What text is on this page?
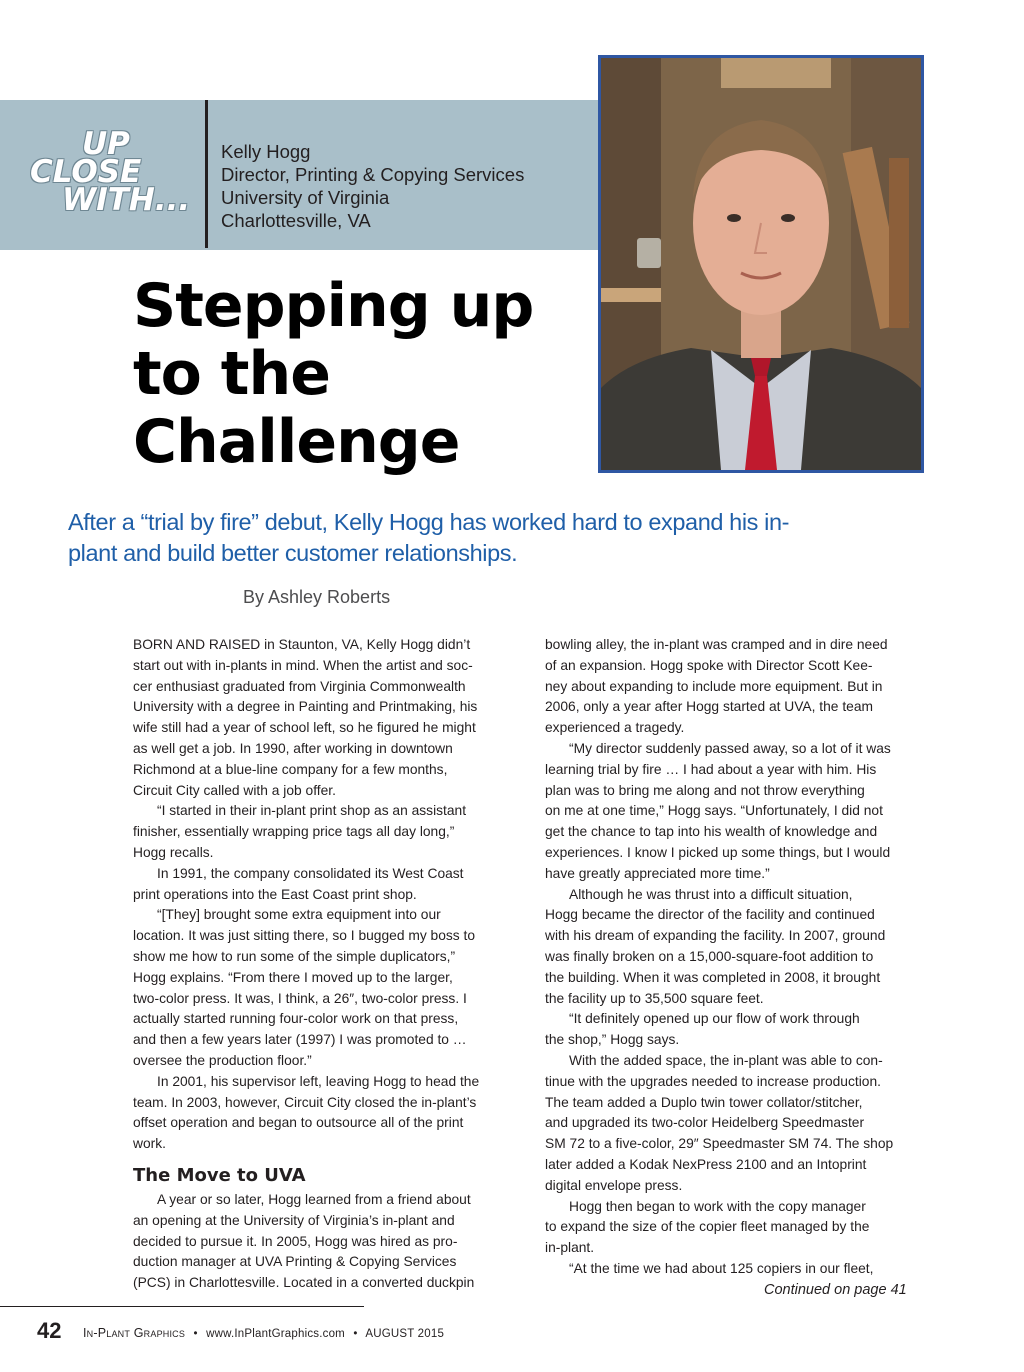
UP
CLOSE
WITH...
Kelly Hogg
Director, Printing & Copying Services
University of Virginia
Charlottesville, VA
Stepping up
to the
Challenge
After a “trial by fire” debut, Kelly Hogg has worked hard to expand his in-
plant and build better customer relationships.
By Ashley Roberts

BORN AND RAISED in Staunton, VA, Kelly Hogg didn’t

start out with in-plants in mind. When the artist and soc-

cer enthusiast graduated from Virginia Commonwealth

University with a degree in Painting and Printmaking, his

wife still had a year of school left, so he figured he might

as well get a job. In 1990, after working in downtown

Richmond at a blue-line company for a few months,

Circuit City called with a job offer.

“I started in their in-plant print shop as an assistant

finisher, essentially wrapping price tags all day long,”

Hogg recalls.

In 1991, the company consolidated its West Coast

print operations into the East Coast print shop.

“[They] brought some extra equipment into our

location. It was just sitting there, so I bugged my boss to

show me how to run some of the simple duplicators,”

Hogg explains. “From there I moved up to the larger,

two-color press. It was, I think, a 26″, two-color press. I

actually started running four-color work on that press,

and then a few years later (1997) I was promoted to …

oversee the production floor.”

In 2001, his supervisor left, leaving Hogg to head the

team. In 2003, however, Circuit City closed the in-plant’s

offset operation and began to outsource all of the print

work.

The Move to UVA

A year or so later, Hogg learned from a friend about

an opening at the University of Virginia’s in-plant and

decided to pursue it. In 2005, Hogg was hired as pro-

duction manager at UVA Printing & Copying Services

(PCS) in Charlottesville. Located in a converted duckpin

bowling alley, the in-plant was cramped and in dire need

of an expansion. Hogg spoke with Director Scott Kee-

ney about expanding to include more equipment. But in

2006, only a year after Hogg started at UVA, the team

experienced a tragedy.

“My director suddenly passed away, so a lot of it was

learning trial by fire … I had about a year with him. His

plan was to bring me along and not throw everything

on me at one time,” Hogg says. “Unfortunately, I did not

get the chance to tap into his wealth of knowledge and

experiences. I know I picked up some things, but I would

have greatly appreciated more time.”

Although he was thrust into a difficult situation,

Hogg became the director of the facility and continued

with his dream of expanding the facility. In 2007, ground

was finally broken on a 15,000-square-foot addition to

the building. When it was completed in 2008, it brought

the facility up to 35,500 square feet.

“It definitely opened up our flow of work through

the shop,” Hogg says.

With the added space, the in-plant was able to con-

tinue with the upgrades needed to increase production.

The team added a Duplo twin tower collator/stitcher,

and upgraded its two-color Heidelberg Speedmaster

SM 72 to a five-color, 29″ Speedmaster SM 74. The shop

later added a Kodak NexPress 2100 and an Intoprint

digital envelope press.

Hogg then began to work with the copy manager

to expand the size of the copier fleet managed by the

in-plant.

“At the time we had about 125 copiers in our fleet,

Continued on page 41
42 In-Plant Graphics • www.InPlantGraphics.com • AUGUST 2015
